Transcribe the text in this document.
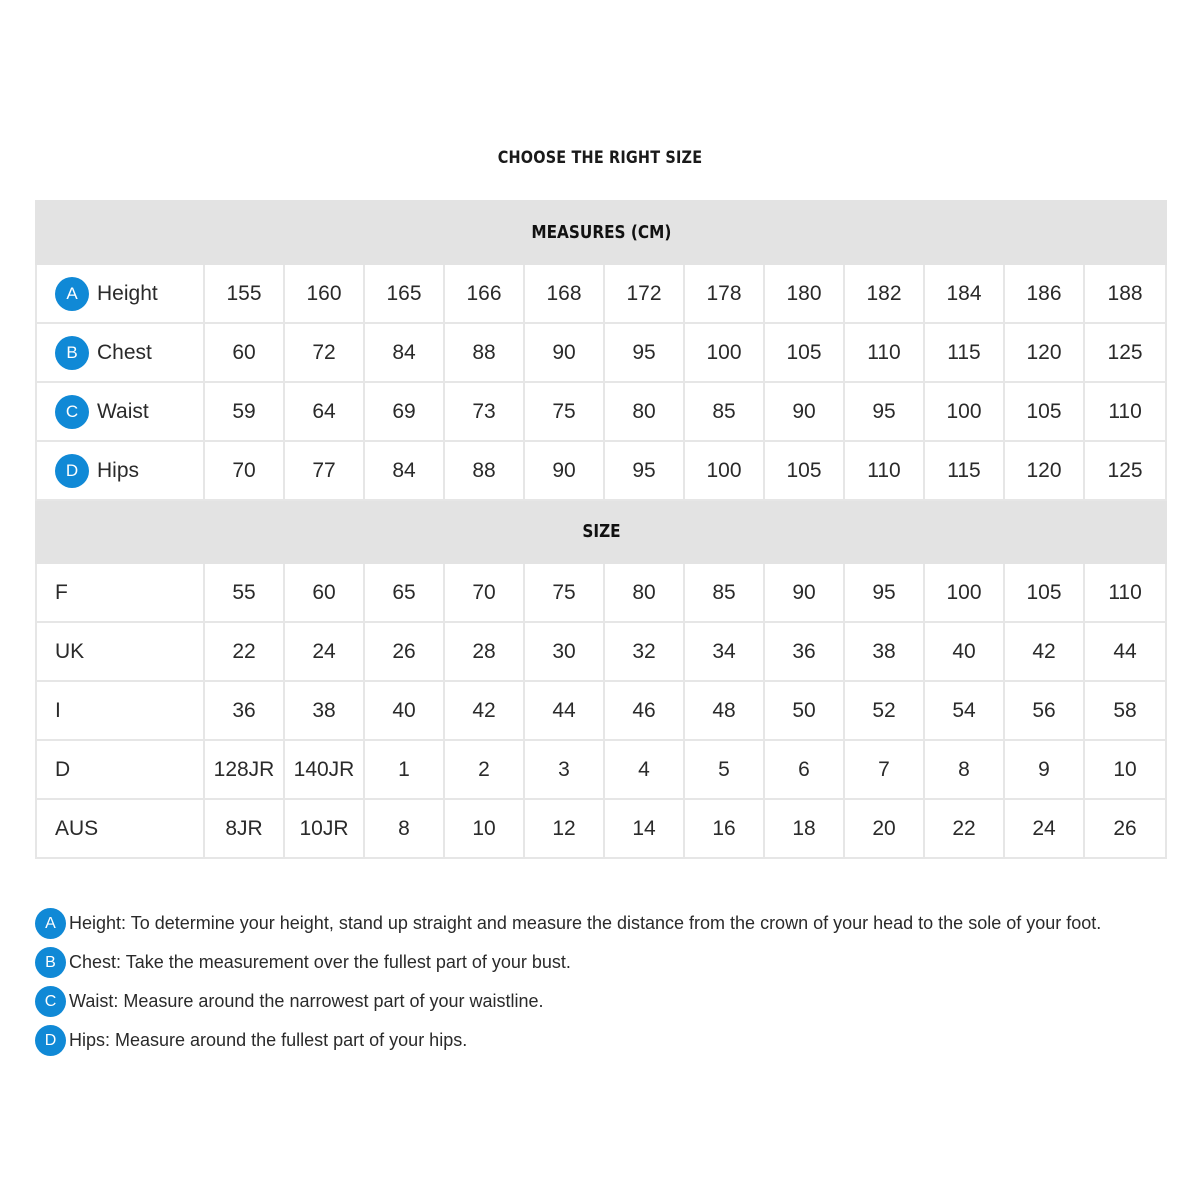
CHOOSE THE RIGHT SIZE
MEASURES (CM)												

A Height	155	160	165	166	168	172	178	180	182	184	186	188

B Chest	60	72	84	88	90	95	100	105	110	115	120	125

C Waist	59	64	69	73	75	80	85	90	95	100	105	110

D Hips	70	77	84	88	90	95	100	105	110	115	120	125
SIZE												

F	55	60	65	70	75	80	85	90	95	100	105	110

UK	22	24	26	28	30	32	34	36	38	40	42	44

I	36	38	40	42	44	46	48	50	52	54	56	58

D	128JR	140JR	1	2	3	4	5	6	7	8	9	10

AUS	8JR	10JR	8	10	12	14	16	18	20	22	24	26
A Height: To determine your height, stand up straight and measure the distance from the crown of your head to the sole of your foot.
B Chest: Take the measurement over the fullest part of your bust.
C Waist: Measure around the narrowest part of your waistline.
D Hips: Measure around the fullest part of your hips.
